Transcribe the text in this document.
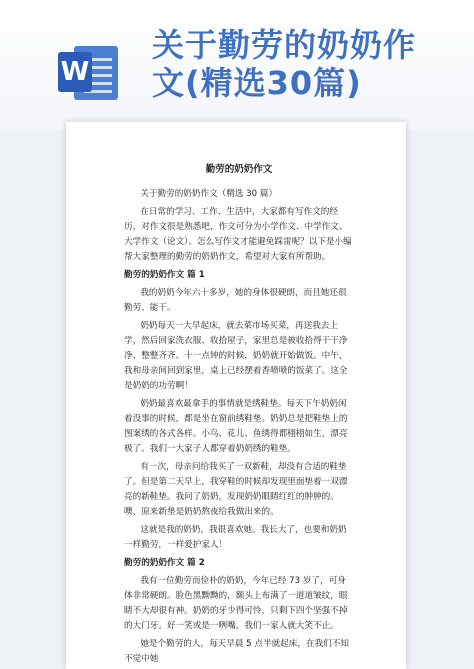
W
关于勤劳的奶奶作
文(精选30篇)
勤劳的奶奶作文

关于勤劳的奶奶作文（精选 30 篇）

在日常的学习、工作、生活中，大家都有写作文的经历，对作文很是熟悉吧，作文可分为小学作文、中学作文、大学作文（论文）。怎么写作文才能避免踩雷呢？以下是小编帮大家整理的勤劳的奶奶作文，希望对大家有所帮助。

勤劳的奶奶作文 篇 1

我的奶奶今年六十多岁，她的身体很硬朗，而且她还很勤劳、能干。

奶奶每天一大早起床，就去菜市场买菜，再送我去上学，然后回家洗衣服、收拾屋子，家里总是被收拾得干干净净、整整齐齐。十一点钟的时候，奶奶就开始做饭。中午，我和母亲间回到家里，桌上已经摆着香喷喷的饭菜了。这全是奶奶的功劳啊！

奶奶最喜欢最拿手的事情就是绣鞋垫。每天下午奶奶闲着没事的时候，都是坐在窗前绣鞋垫。奶奶总是把鞋垫上的图案绣的各式各样。小鸟、花儿、鱼绣得都栩栩如生，漂亮极了。我们一大家子人都穿着奶奶绣的鞋垫。

有一次，母亲问给我买了一双新鞋，却没有合适的鞋垫了。但是第二天早上，我穿鞋的时候却发现里面垫着一双漂亮的新鞋垫。我问了奶奶，发现奶奶眼睛红红的肿肿的。噢，原来新垫是奶奶熬夜给我做出来的。

这就是我的奶奶，我很喜欢她。我长大了，也要和奶奶一样勤劳，一样爱护家人！

勤劳的奶奶作文 篇 2

我有一位勤劳而俭朴的奶奶，今年已经 73 岁了，可身体非常硬朗。脸色黑黝黝的，额头上布满了一道道皱纹，眼睛不大却很有神。奶奶的牙少得可怜，只剩下四个坚强不掉的大门牙。好一笑或是一咧嘴，我们一家人就大笑不止。

她是个勤劳的人，每天早晨 5 点半就起床，在我们不知不觉中她
